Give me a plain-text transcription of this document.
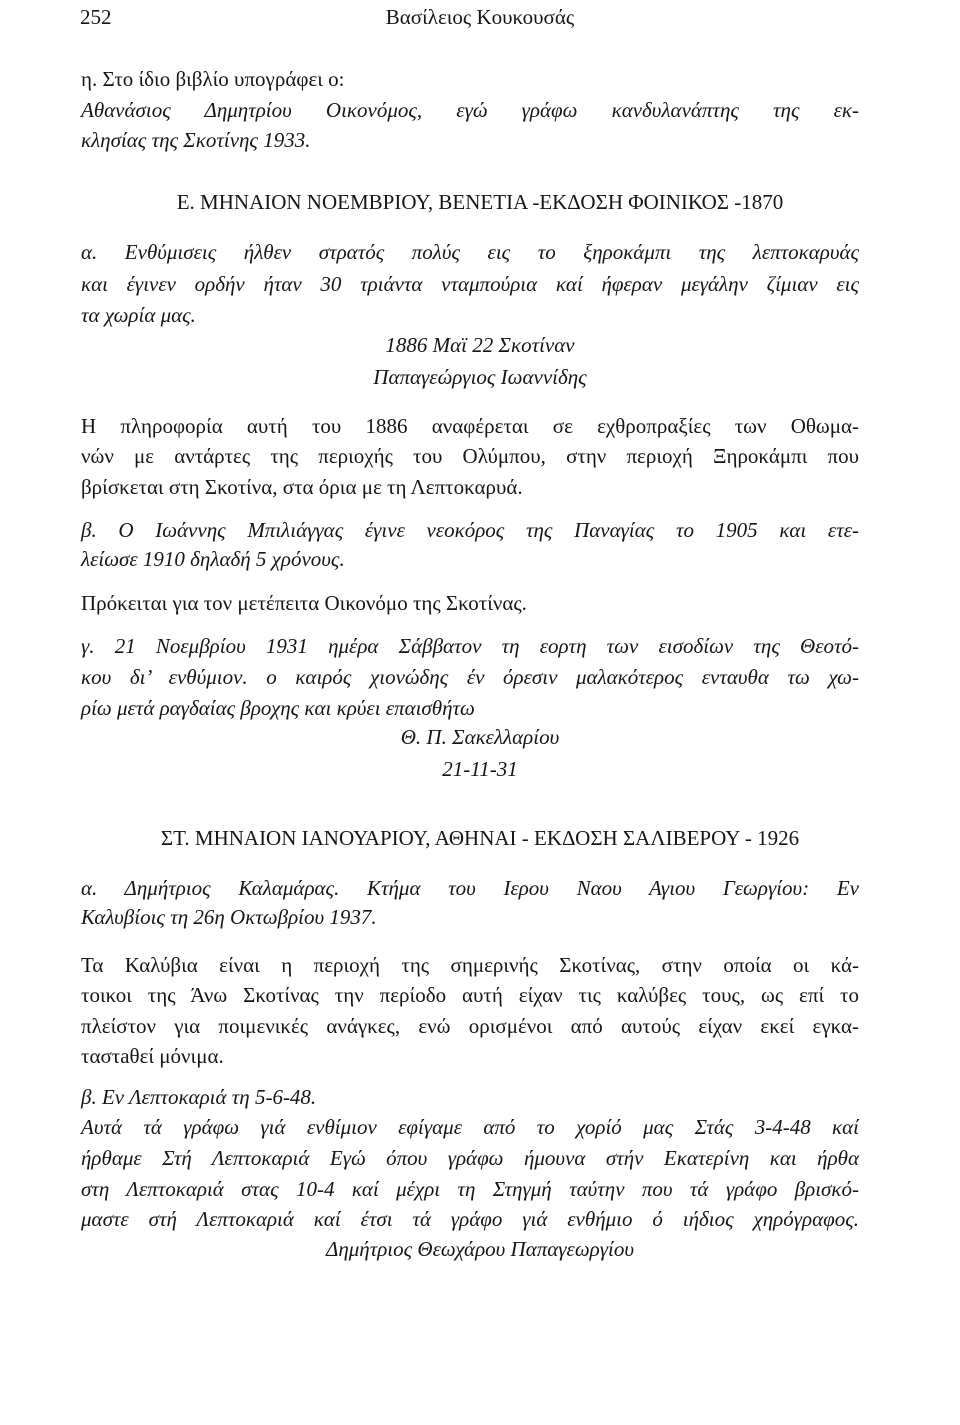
252	Βασίλειος Κουκουσάς
η. Στο ίδιο βιβλίο υπογράφει ο:
Αθανάσιος Δημητρίου Οικονόμος, εγώ γράφω κανδυλανάπτης της εκ-
κλησίας της Σκοτίνης 1933.
Ε. ΜΗΝΑΙΟΝ ΝΟΕΜΒΡΙΟΥ, ΒΕΝΕΤΙΑ -ΕΚΔΟΣΗ ΦΟΙΝΙΚΟΣ -1870
α. Ενθύμισεις ήλθεν στρατός πολύς εις το ξηροκάμπι της λεπτοκαρυάς
και έγινεν ορδήν ήταν 30 τριάντα νταμπούρια καί ήφεραν μεγάλην ζίμιαν εις
τα χωρία μας.
1886 Μαϊ 22 Σκοτίναν
Παπαγεώργιος Ιωαννίδης
Η πληροφορία αυτή του 1886 αναφέρεται σε εχθροπραξίες των Οθωμα-
νών με αντάρτες της περιοχής του Ολύμπου, στην περιοχή Ξηροκάμπι που
βρίσκεται στη Σκοτίνα, στα όρια με τη Λεπτοκαρυά.
β. Ο Ιωάννης Μπιλιάγγας έγινε νεοκόρος της Παναγίας το 1905 και ετε-
λείωσε 1910 δηλαδή 5 χρόνους.
Πρόκειται για τον μετέπειτα Οικονόμο της Σκοτίνας.
γ. 21 Νοεμβρίου 1931 ημέρα Σάββατον τη εορτη των εισοδίων της Θεοτό-
κου δι’ ενθύμιον. ο καιρός χιονώδης έν όρεσιν μαλακότερος ενταυθα τω χω-
ρίω μετά ραγδαίας βροχης και κρύει επαισθήτω
Θ. Π. Σακελλαρίου
21-11-31
ΣΤ. ΜΗΝΑΙΟΝ ΙΑΝΟΥΑΡΙΟΥ, ΑΘΗΝΑΙ - ΕΚΔΟΣΗ ΣΑΛΙΒΕΡΟΥ - 1926
α. Δημήτριος Καλαμάρας. Κτήμα του Ιερου Ναου Αγιου Γεωργίου: Εν
Καλυβίοις τη 26η Οκτωβρίου 1937.
Τα Καλύβια είναι η περιοχή της σημερινής Σκοτίνας, στην οποία οι κά-
τοικοι της Άνω Σκοτίνας την περίοδο αυτή είχαν τις καλύβες τους, ως επί το
πλείστον για ποιμενικές ανάγκες, ενώ ορισμένοι από αυτούς είχαν εκεί εγκα-
ταστaθεί μόνιμα.
β. Εν Λεπτοκαριά τη 5-6-48.
Αυτά τά γράφω γιά ενθίμιον εφίγαμε από το χορίό μας Στάς 3-4-48 καί
ήρθαμε Στή Λεπτοκαριά Εγώ όπου γράφω ήμουνα στήν Εκατερίνη και ήρθα
στη Λεπτοκαριά στας 10-4 καί μέχρι τη Στηγμή ταύτην που τά γράφο βρισκό-
μαστε στή Λεπτοκαριά καί έτσι τά γράφο γιά ενθήμιο ό ιήδιος χηρόγραφος.
Δημήτριος Θεωχάρου Παπαγεωργίου
